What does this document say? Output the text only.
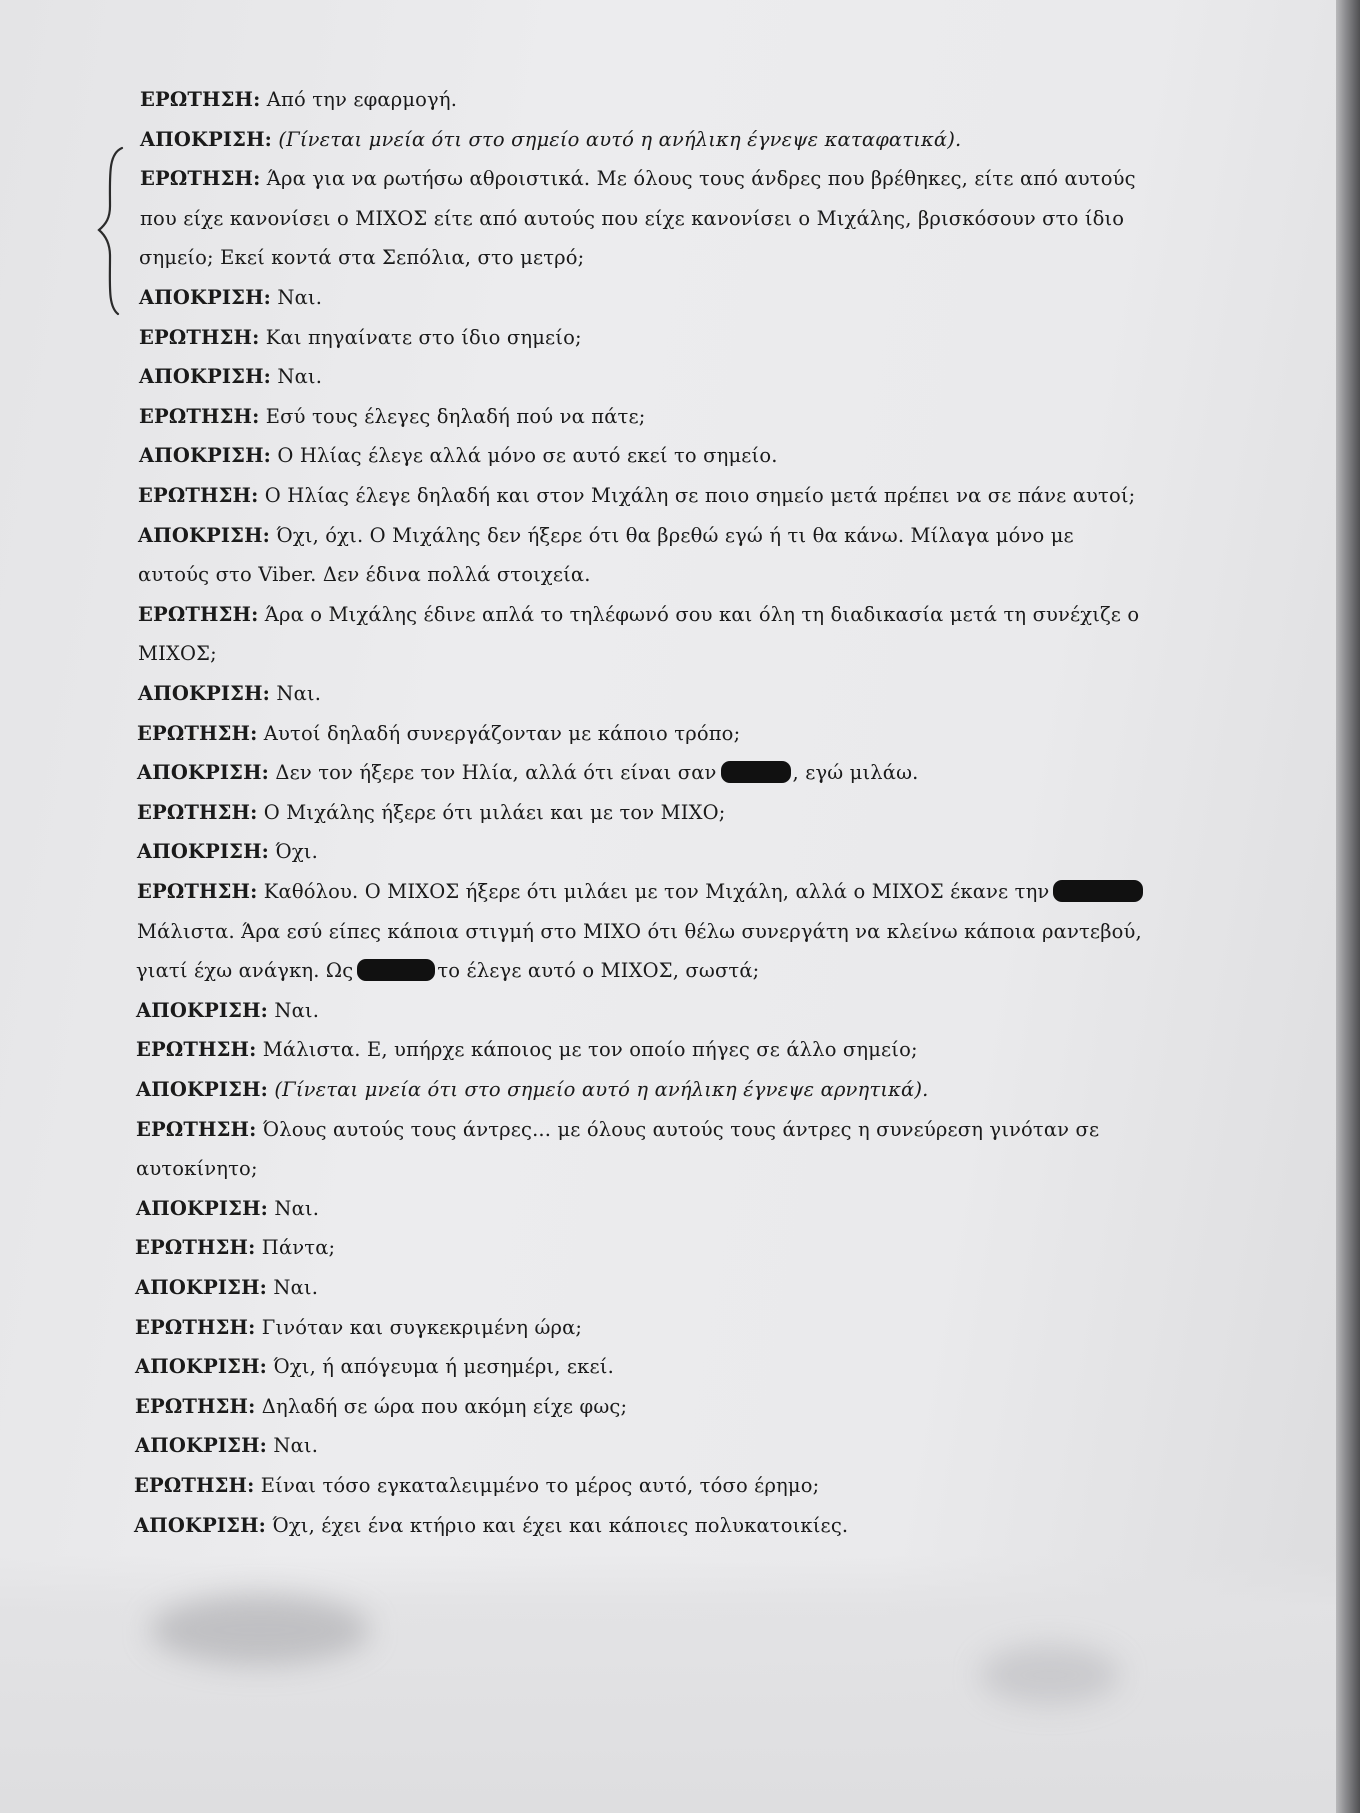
ΕΡΩΤΗΣΗ: Από την εφαρμογή.
ΑΠΟΚΡΙΣΗ: (Γίνεται μνεία ότι στο σημείο αυτό η ανήλικη έγνεψε καταφατικά).
ΕΡΩΤΗΣΗ: Άρα για να ρωτήσω αθροιστικά. Με όλους τους άνδρες που βρέθηκες, είτε από αυτούς
που είχε κανονίσει ο ΜΙΧΟΣ είτε από αυτούς που είχε κανονίσει ο Μιχάλης, βρισκόσουν στο ίδιο
σημείο; Εκεί κοντά στα Σεπόλια, στο μετρό;
ΑΠΟΚΡΙΣΗ: Ναι.
ΕΡΩΤΗΣΗ: Και πηγαίνατε στο ίδιο σημείο;
ΑΠΟΚΡΙΣΗ: Ναι.
ΕΡΩΤΗΣΗ: Εσύ τους έλεγες δηλαδή πού να πάτε;
ΑΠΟΚΡΙΣΗ: Ο Ηλίας έλεγε αλλά μόνο σε αυτό εκεί το σημείο.
ΕΡΩΤΗΣΗ: Ο Ηλίας έλεγε δηλαδή και στον Μιχάλη σε ποιο σημείο μετά πρέπει να σε πάνε αυτοί;
ΑΠΟΚΡΙΣΗ: Όχι, όχι. Ο Μιχάλης δεν ήξερε ότι θα βρεθώ εγώ ή τι θα κάνω. Μίλαγα μόνο με
αυτούς στο Viber. Δεν έδινα πολλά στοιχεία.
ΕΡΩΤΗΣΗ: Άρα ο Μιχάλης έδινε απλά το τηλέφωνό σου και όλη τη διαδικασία μετά τη συνέχιζε ο
ΜΙΧΟΣ;
ΑΠΟΚΡΙΣΗ: Ναι.
ΕΡΩΤΗΣΗ: Αυτοί δηλαδή συνεργάζονταν με κάποιο τρόπο;
ΑΠΟΚΡΙΣΗ: Δεν τον ήξερε τον Ηλία, αλλά ότι είναι σαν	, εγώ μιλάω.
ΕΡΩΤΗΣΗ: Ο Μιχάλης ήξερε ότι μιλάει και με τον ΜΙΧΟ;
ΑΠΟΚΡΙΣΗ: Όχι.
ΕΡΩΤΗΣΗ: Καθόλου. Ο ΜΙΧΟΣ ήξερε ότι μιλάει με τον Μιχάλη, αλλά ο ΜΙΧΟΣ έκανε την
Μάλιστα. Άρα εσύ είπες κάποια στιγμή στο ΜΙΧΟ ότι θέλω συνεργάτη να κλείνω κάποια ραντεβού,
γιατί έχω ανάγκη. Ως	το έλεγε αυτό ο ΜΙΧΟΣ, σωστά;
ΑΠΟΚΡΙΣΗ: Ναι.
ΕΡΩΤΗΣΗ: Μάλιστα. Ε, υπήρχε κάποιος με τον οποίο πήγες σε άλλο σημείο;
ΑΠΟΚΡΙΣΗ: (Γίνεται μνεία ότι στο σημείο αυτό η ανήλικη έγνεψε αρνητικά).
ΕΡΩΤΗΣΗ: Όλους αυτούς τους άντρες... με όλους αυτούς τους άντρες η συνεύρεση γινόταν σε
αυτοκίνητο;
ΑΠΟΚΡΙΣΗ: Ναι.
ΕΡΩΤΗΣΗ: Πάντα;
ΑΠΟΚΡΙΣΗ: Ναι.
ΕΡΩΤΗΣΗ: Γινόταν και συγκεκριμένη ώρα;
ΑΠΟΚΡΙΣΗ: Όχι, ή απόγευμα ή μεσημέρι, εκεί.
ΕΡΩΤΗΣΗ: Δηλαδή σε ώρα που ακόμη είχε φως;
ΑΠΟΚΡΙΣΗ: Ναι.
ΕΡΩΤΗΣΗ: Είναι τόσο εγκαταλειμμένο το μέρος αυτό, τόσο έρημο;
ΑΠΟΚΡΙΣΗ: Όχι, έχει ένα κτήριο και έχει και κάποιες πολυκατοικίες.
